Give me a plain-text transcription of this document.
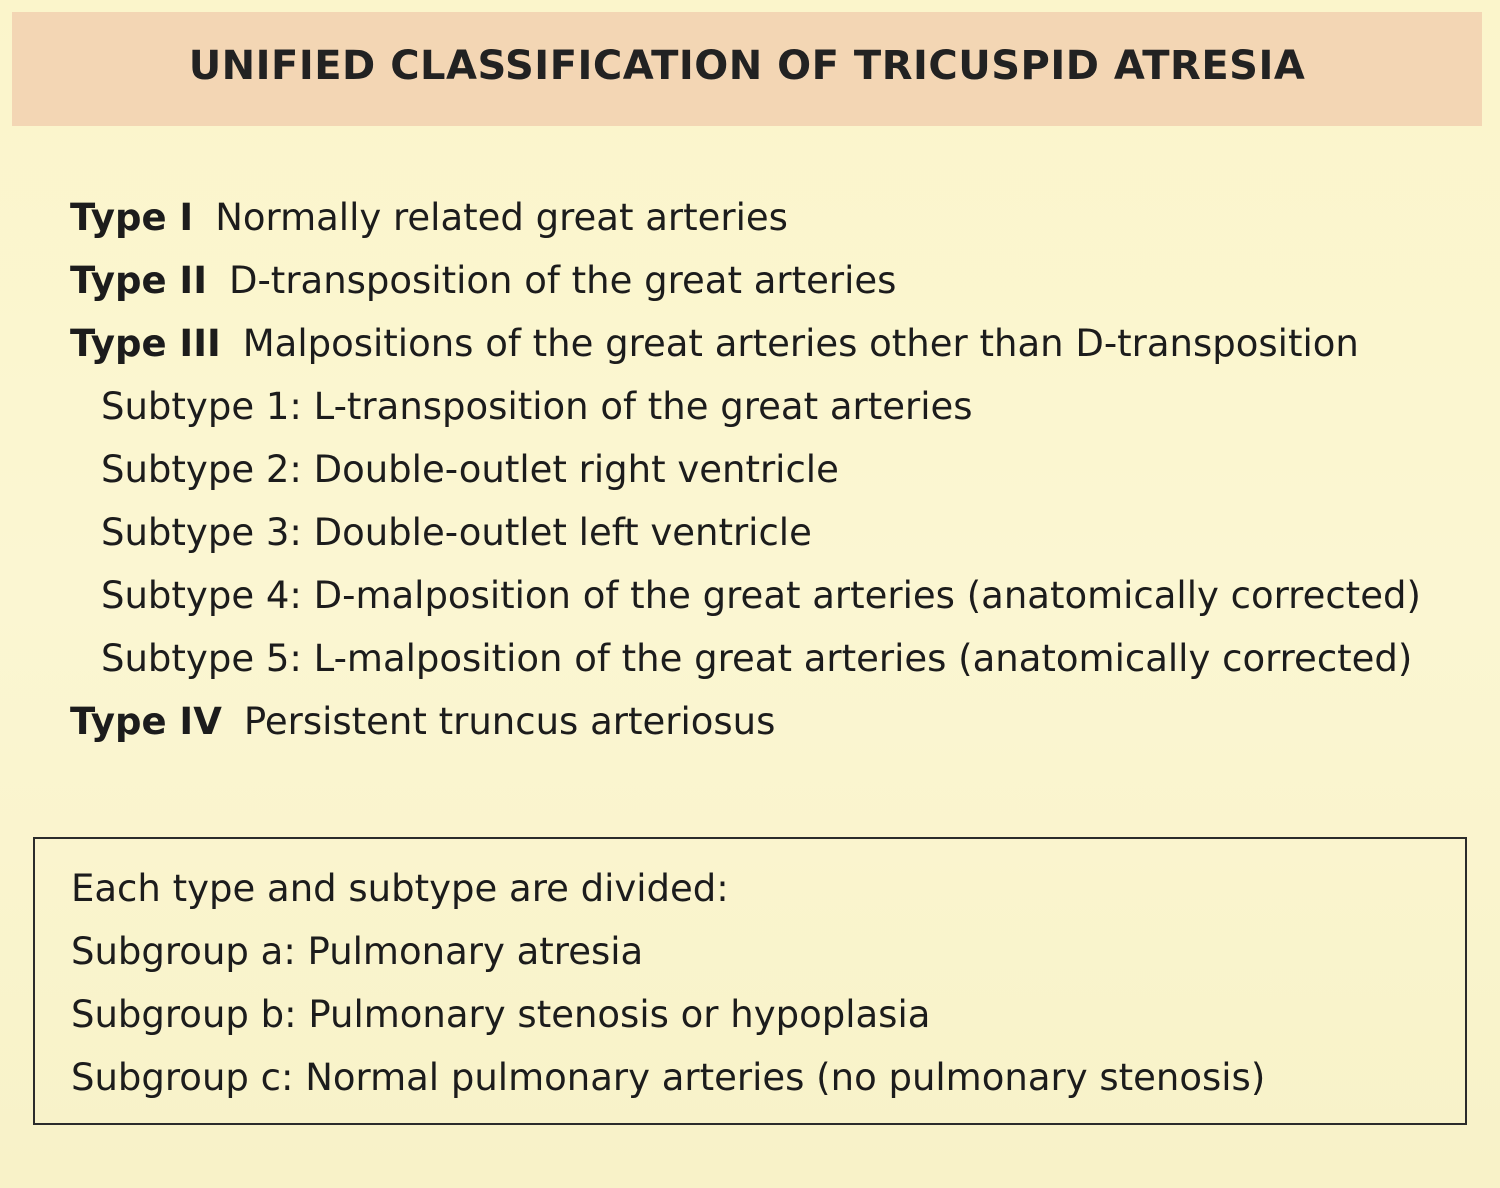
UNIFIED CLASSIFICATION OF TRICUSPID ATRESIA
Type I Normally related great arteries
Type II D-transposition of the great arteries
Type III Malpositions of the great arteries other than D-transposition
Subtype 1: L-transposition of the great arteries
Subtype 2: Double-outlet right ventricle
Subtype 3: Double-outlet left ventricle
Subtype 4: D-malposition of the great arteries (anatomically corrected)
Subtype 5: L-malposition of the great arteries (anatomically corrected)
Type IV Persistent truncus arteriosus
Each type and subtype are divided:
Subgroup a: Pulmonary atresia
Subgroup b: Pulmonary stenosis or hypoplasia
Subgroup c: Normal pulmonary arteries (no pulmonary stenosis)
